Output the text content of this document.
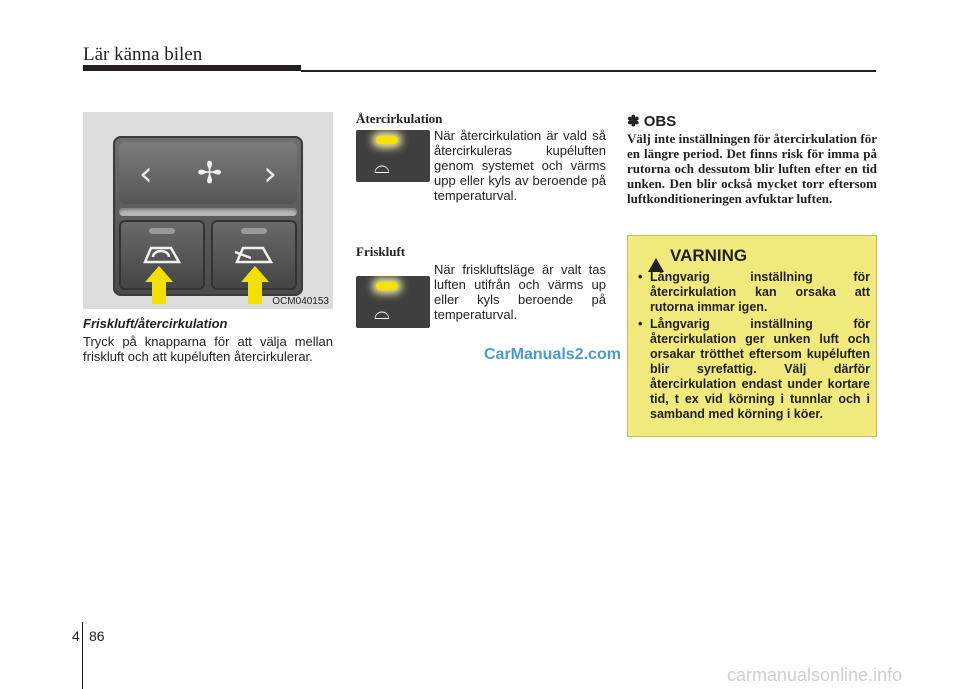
Lär känna bilen
‹ ✢ ›
OCM040153
Friskluft/återcirkulation
Tryck på knapparna för att välja mellan friskluft och att kupéluften återcirkulerar.
Återcirkulation
⌓
När återcirkulation är vald så återcirkuleras kupéluften genom systemet och värms upp eller kyls av beroende på temperaturval.
Friskluft
⌓
När friskluftsläge är valt tas luften utifrån och värms up eller kyls beroende på temperaturval.
CarManuals2.com
✽ OBS
Välj inte inställningen för återcirkulation för en längre period. Det finns risk för imma på rutorna och dessutom blir luften efter en tid unken. Den blir också mycket torr eftersom luftkonditioneringen avfuktar luften.
VARNING
• Långvarig inställning för återcirkulation kan orsaka att rutorna immar igen.
• Långvarig inställning för återcirkulation ger unken luft och orsakar trötthet eftersom kupéluften blir syrefattig. Välj därför återcirkulation endast under kortare tid, t ex vid körning i tunnlar och i samband med körning i köer.
4 86
carmanualsonline.info
